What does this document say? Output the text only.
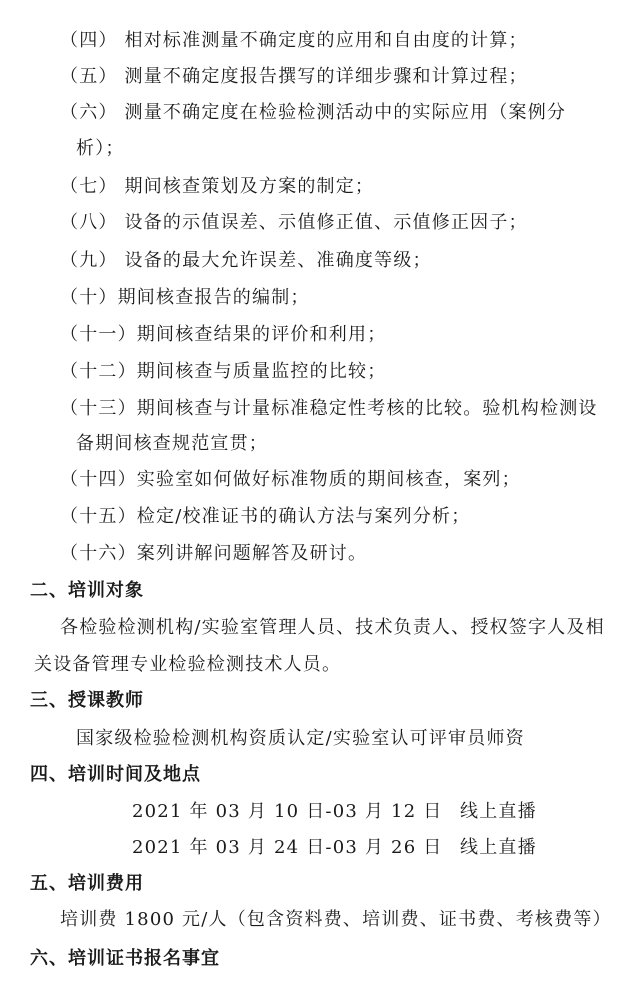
（四） 相对标准测量不确定度的应用和自由度的计算；
（五） 测量不确定度报告撰写的详细步骤和计算过程；
（六） 测量不确定度在检验检测活动中的实际应用（案例分
析）；
（七） 期间核查策划及方案的制定；
（八） 设备的示值误差、示值修正值、示值修正因子；
（九） 设备的最大允许误差、准确度等级；
（十）期间核查报告的编制；
（十一）期间核查结果的评价和利用；
（十二）期间核查与质量监控的比较；
（十三）期间核查与计量标准稳定性考核的比较。验机构检测设
备期间核查规范宣贯；
（十四）实验室如何做好标准物质的期间核查，案列；
（十五）检定/校准证书的确认方法与案列分析；
（十六）案列讲解问题解答及研讨。
二、培训对象
各检验检测机构/实验室管理人员、技术负责人、授权签字人及相
关设备管理专业检验检测技术人员。
三、授课教师
国家级检验检测机构资质认定/实验室认可评审员师资
四、培训时间及地点
2021 年 03 月 10 日-03 月 12 日 线上直播
2021 年 03 月 24 日-03 月 26 日 线上直播
五、培训费用
培训费 1800 元/人（包含资料费、培训费、证书费、考核费等）
六、培训证书报名事宜
